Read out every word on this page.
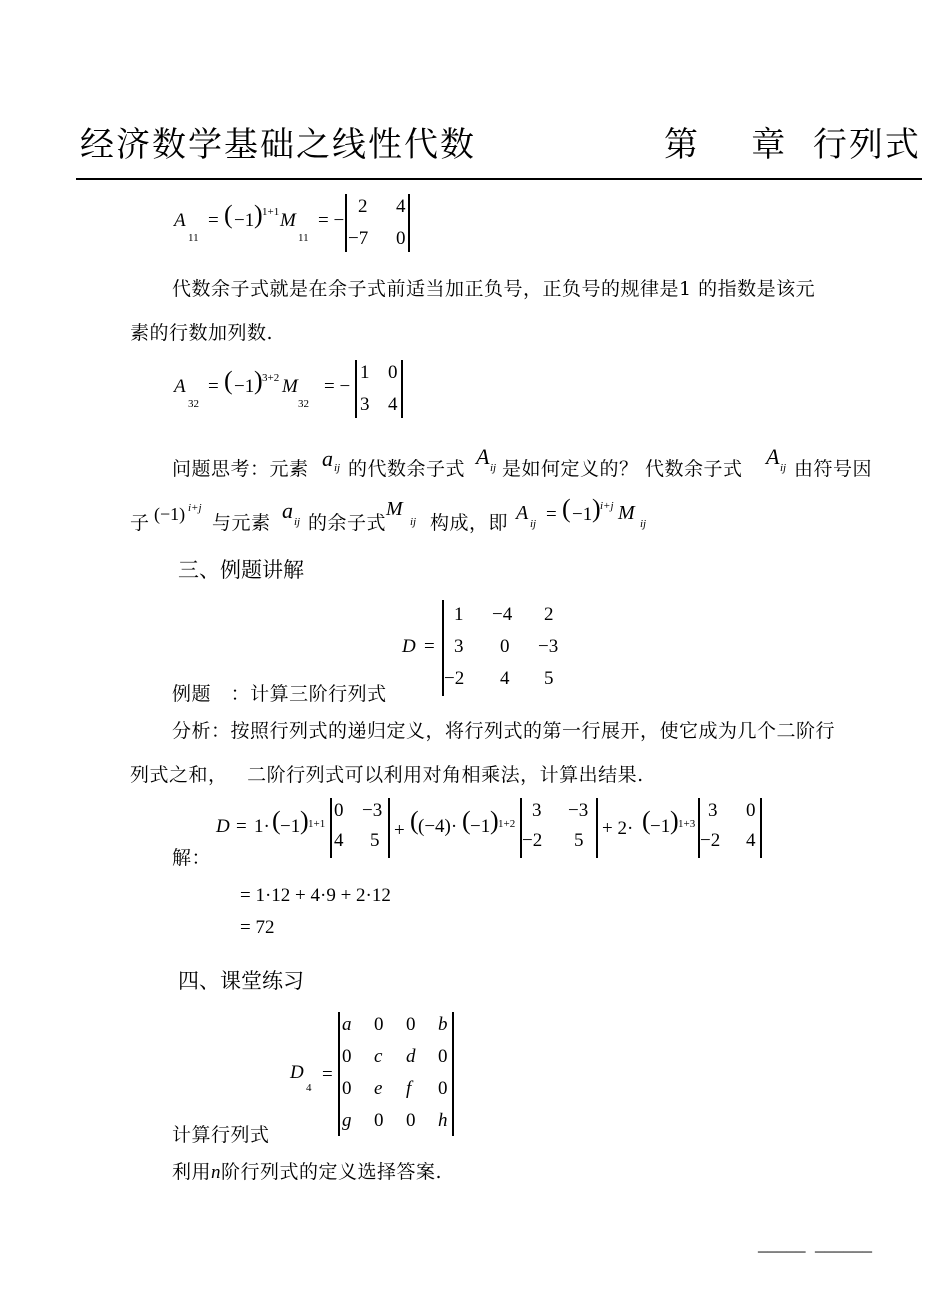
经济数学基础之线性代数	第    章  行列式
A
11
= ( −1 ) 1+1 M
11
= −
2 4
−7 0
代数余子式就是在余子式前适当加正负号，正负号的规律是1 的指数是该元
素的行数加列数.
A
32
= ( −1 ) 3+2 M
32
= −
1 0
3 4
问题思考：元素 a ij 的代数余子式 A ij 是如何定义的？ 代数余子式 A ij 由符号因
子 (−1) i+j
与元素 a ij 的余子式
M
ij 构成，即 A ij = ( −1 ) i+j M ij
三、例题讲解
D =
1 −4 2
3 0 −3
−2 4 5
例题   ：计算三阶行列式
分析：按照行列式的递归定义，将行列式的第一行展开，使它成为几个二阶行
列式之和，   二阶行列式可以利用对角相乘法，计算出结果.
解：
D = 1· ( −1 ) 1+1
0 −3
4 5 + ( (−4)· ( −1 ) 1+2
3 −3
−2 5
+ 2· ( −1 ) 1+3
3 0
−2 4
= 1·12 + 4·9 + 2·12
= 72
四、课堂练习
D
4
=
a 0 0 b
0 c d 0
0 e f 0
g 0 0 h
计算行列式
利用n阶行列式的定义选择答案.
_____  ______
